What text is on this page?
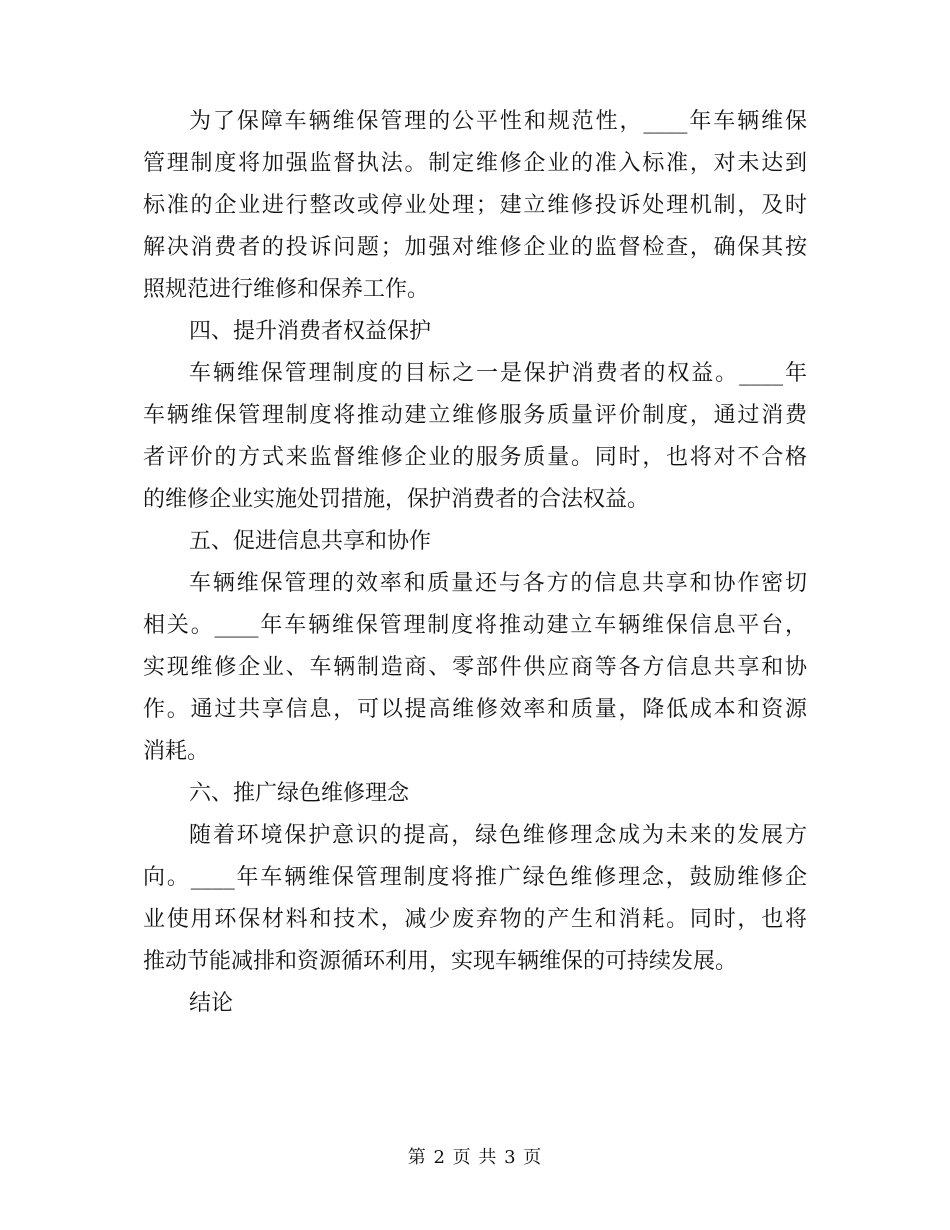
为了保障车辆维保管理的公平性和规范性，____年车辆维保
管理制度将加强监督执法。制定维修企业的准入标准，对未达到
标准的企业进行整改或停业处理；建立维修投诉处理机制，及时
解决消费者的投诉问题；加强对维修企业的监督检查，确保其按
照规范进行维修和保养工作。
四、提升消费者权益保护
车辆维保管理制度的目标之一是保护消费者的权益。____年
车辆维保管理制度将推动建立维修服务质量评价制度，通过消费
者评价的方式来监督维修企业的服务质量。同时，也将对不合格
的维修企业实施处罚措施，保护消费者的合法权益。
五、促进信息共享和协作
车辆维保管理的效率和质量还与各方的信息共享和协作密切
相关。____年车辆维保管理制度将推动建立车辆维保信息平台，
实现维修企业、车辆制造商、零部件供应商等各方信息共享和协
作。通过共享信息，可以提高维修效率和质量，降低成本和资源
消耗。
六、推广绿色维修理念
随着环境保护意识的提高，绿色维修理念成为未来的发展方
向。____年车辆维保管理制度将推广绿色维修理念，鼓励维修企
业使用环保材料和技术，减少废弃物的产生和消耗。同时，也将
推动节能减排和资源循环利用，实现车辆维保的可持续发展。
结论
第 2 页 共 3 页
